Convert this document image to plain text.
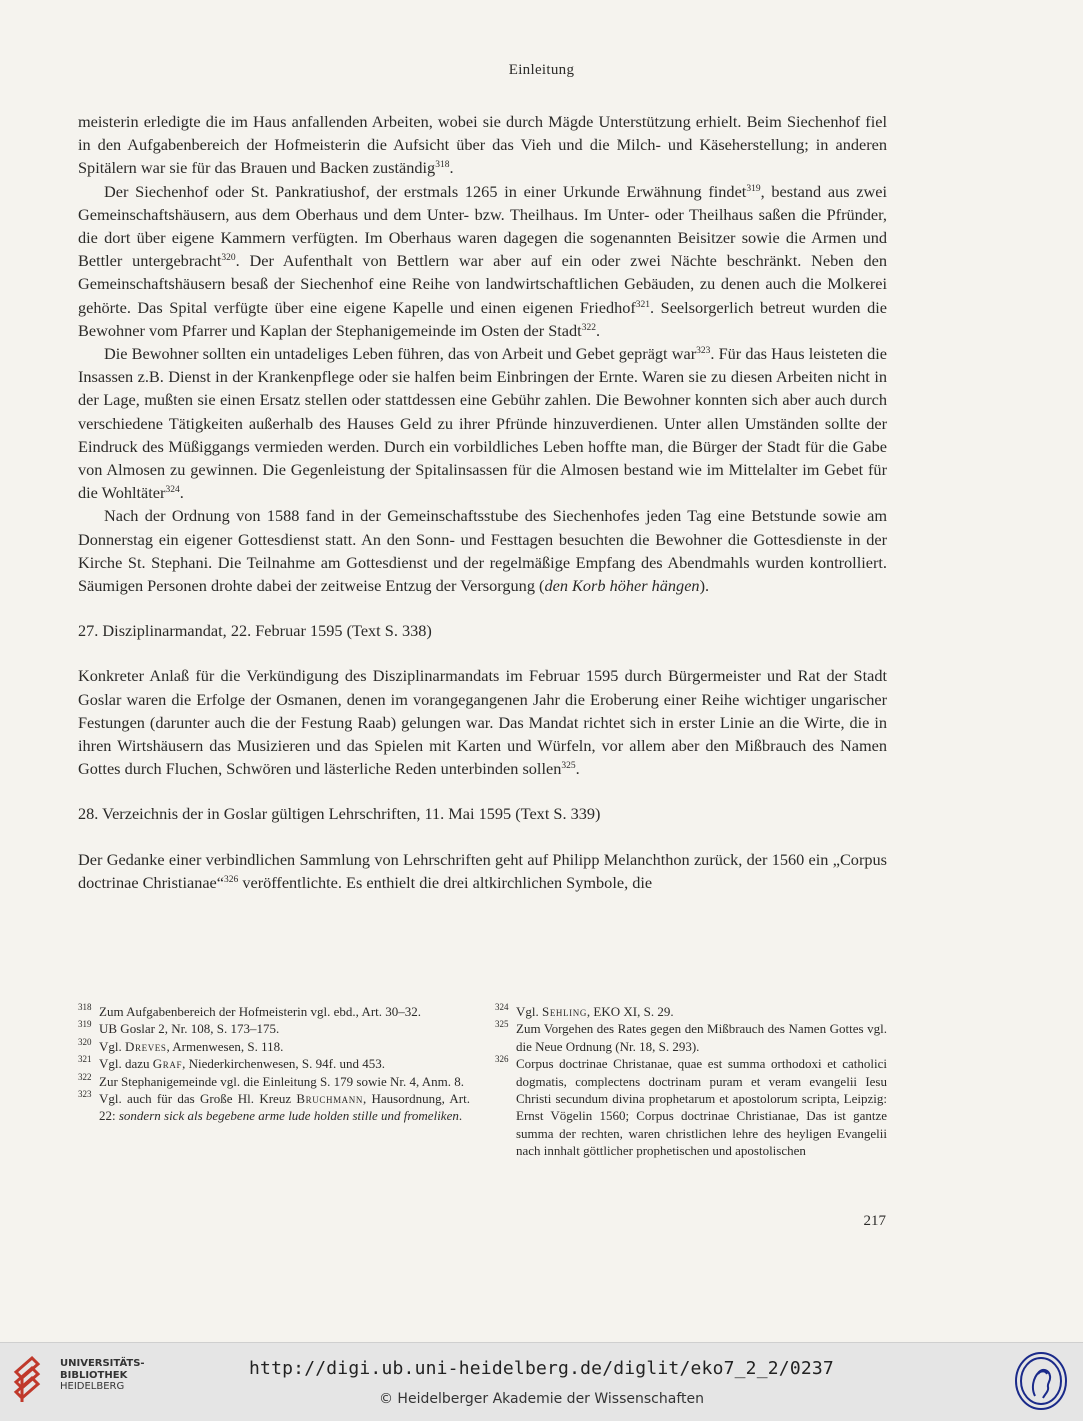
Einleitung

meisterin erledigte die im Haus anfallenden Arbeiten, wobei sie durch Mägde Unterstützung erhielt. Beim Siechenhof fiel in den Aufgabenbereich der Hofmeisterin die Aufsicht über das Vieh und die Milch- und Käseherstellung; in anderen Spitälern war sie für das Brauen und Backen zuständig$^{318}$.

Der Siechenhof oder St. Pankratiushof, der erstmals 1265 in einer Urkunde Erwähnung findet$^{319}$, bestand aus zwei Gemeinschaftshäusern, aus dem Oberhaus und dem Unter- bzw. Theilhaus. Im Unter- oder Theilhaus saßen die Pfründer, die dort über eigene Kammern verfügten. Im Oberhaus waren dagegen die sogenannten Beisitzer sowie die Armen und Bettler untergebracht$^{320}$. Der Aufenthalt von Bettlern war aber auf ein oder zwei Nächte beschränkt. Neben den Gemeinschaftshäusern besaß der Siechenhof eine Reihe von landwirtschaftlichen Gebäuden, zu denen auch die Molkerei gehörte. Das Spital verfügte über eine eigene Kapelle und einen eigenen Friedhof$^{321}$. Seelsorgerlich betreut wurden die Bewohner vom Pfarrer und Kaplan der Stephanigemeinde im Osten der Stadt$^{322}$.

Die Bewohner sollten ein untadeliges Leben führen, das von Arbeit und Gebet geprägt war$^{323}$. Für das Haus leisteten die Insassen z.B. Dienst in der Krankenpflege oder sie halfen beim Einbringen der Ernte. Waren sie zu diesen Arbeiten nicht in der Lage, mußten sie einen Ersatz stellen oder stattdessen eine Gebühr zahlen. Die Bewohner konnten sich aber auch durch verschiedene Tätigkeiten außerhalb des Hauses Geld zu ihrer Pfründe hinzuverdienen. Unter allen Umständen sollte der Eindruck des Müßiggangs vermieden werden. Durch ein vorbildliches Leben hoffte man, die Bürger der Stadt für die Gabe von Almosen zu gewinnen. Die Gegenleistung der Spitalinsassen für die Almosen bestand wie im Mittelalter im Gebet für die Wohltäter$^{324}$.

Nach der Ordnung von 1588 fand in der Gemeinschaftsstube des Siechenhofes jeden Tag eine Betstunde sowie am Donnerstag ein eigener Gottesdienst statt. An den Sonn- und Festtagen besuchten die Bewohner die Gottesdienste in der Kirche St. Stephani. Die Teilnahme am Gottesdienst und der regelmäßige Empfang des Abendmahls wurden kontrolliert. Säumigen Personen drohte dabei der zeitweise Entzug der Versorgung (den Korb höher hängen).

27. Disziplinarmandat, 22. Februar 1595 (Text S. 338)

Konkreter Anlaß für die Verkündigung des Disziplinarmandats im Februar 1595 durch Bürgermeister und Rat der Stadt Goslar waren die Erfolge der Osmanen, denen im vorangegangenen Jahr die Eroberung einer Reihe wichtiger ungarischer Festungen (darunter auch die der Festung Raab) gelungen war. Das Mandat richtet sich in erster Linie an die Wirte, die in ihren Wirtshäusern das Musizieren und das Spielen mit Karten und Würfeln, vor allem aber den Mißbrauch des Namen Gottes durch Fluchen, Schwören und lästerliche Reden unterbinden sollen$^{325}$.

28. Verzeichnis der in Goslar gültigen Lehrschriften, 11. Mai 1595 (Text S. 339)

Der Gedanke einer verbindlichen Sammlung von Lehrschriften geht auf Philipp Melanchthon zurück, der 1560 ein „Corpus doctrinae Christianae“$^{326}$ veröffentlichte. Es enthielt die drei altkirchlichen Symbole, die

318 Zum Aufgabenbereich der Hofmeisterin vgl. ebd., Art. 30–32.
319 UB Goslar 2, Nr. 108, S. 173–175.
320 Vgl. Dreves, Armenwesen, S. 118.
321 Vgl. dazu Graf, Niederkirchenwesen, S. 94f. und 453.
322 Zur Stephanigemeinde vgl. die Einleitung S. 179 sowie Nr. 4, Anm. 8.
323 Vgl. auch für das Große Hl. Kreuz Bruchmann, Hausordnung, Art. 22: sondern sick als begebene arme lude holden stille und fromeliken.
324 Vgl. Sehling, EKO XI, S. 29.
325 Zum Vorgehen des Rates gegen den Mißbrauch des Namen Gottes vgl. die Neue Ordnung (Nr. 18, S. 293).
326 Corpus doctrinae Christanae, quae est summa orthodoxi et catholici dogmatis, complectens doctrinam puram et veram evangelii Iesu Christi secundum divina prophetarum et apostolorum scripta, Leipzig: Ernst Vögelin 1560; Corpus doctrinae Christianae, Das ist gantze summa der rechten, waren christlichen lehre des heyligen Evangelii nach innhalt göttlicher prophetischen und apostolischen
217
UNIVERSITÄTS-
BIBLIOTHEK
HEIDELBERG
http://digi.ub.uni-heidelberg.de/diglit/eko7_2_2/0237
© Heidelberger Akademie der Wissenschaften
